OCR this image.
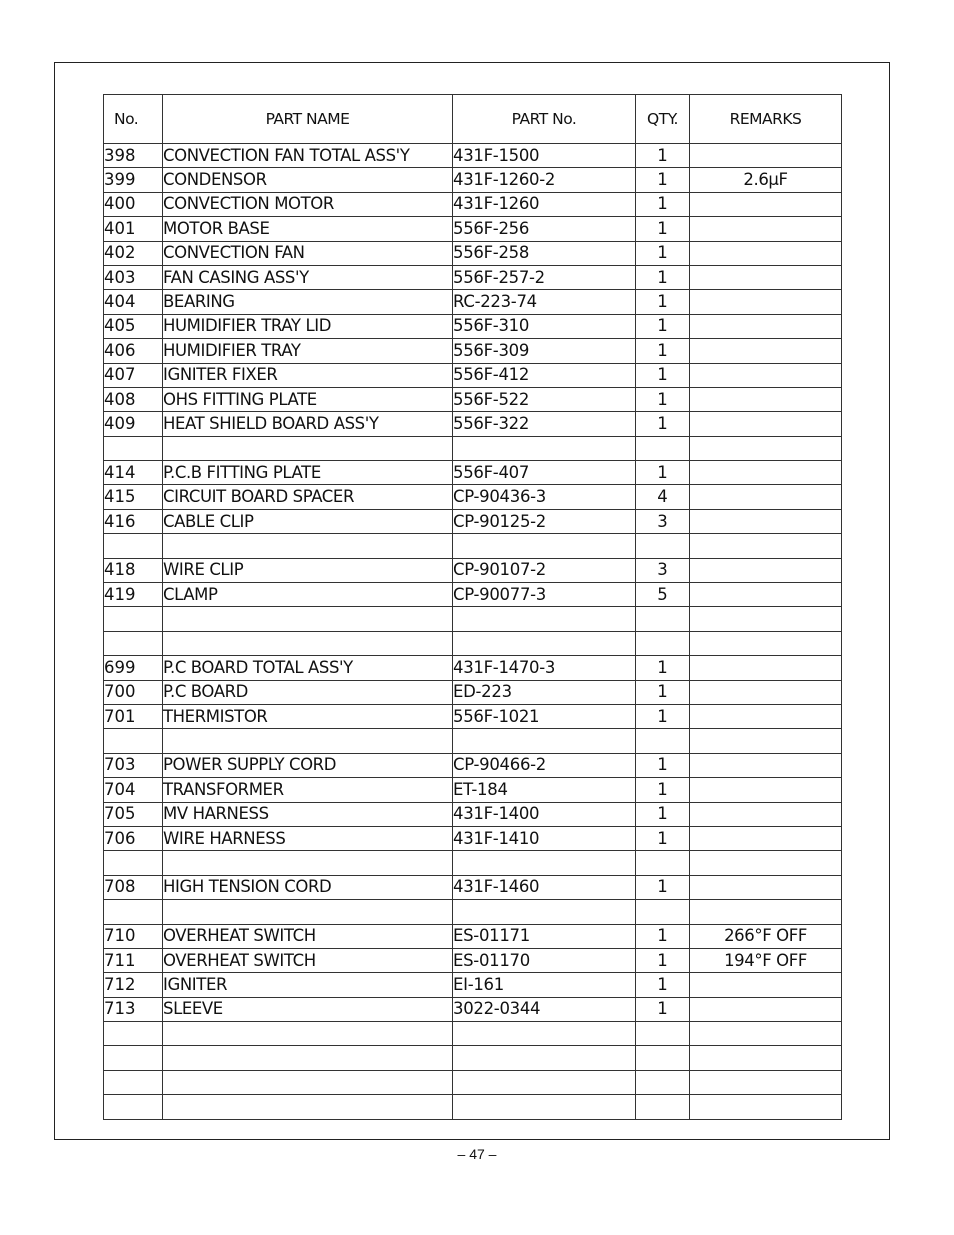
No.	PART NAME	PART No.	QTY.	REMARKS
398	CONVECTION FAN TOTAL ASS'Y	431F-1500	1	
399	CONDENSOR	431F-1260-2	1	2.6μF
400	CONVECTION MOTOR	431F-1260	1	
401	MOTOR BASE	556F-256	1	
402	CONVECTION FAN	556F-258	1	
403	FAN CASING ASS'Y	556F-257-2	1	
404	BEARING	RC-223-74	1	
405	HUMIDIFIER TRAY LID	556F-310	1	
406	HUMIDIFIER TRAY	556F-309	1	
407	IGNITER FIXER	556F-412	1	
408	OHS FITTING PLATE	556F-522	1	
409	HEAT SHIELD BOARD ASS'Y	556F-322	1	

414	P.C.B FITTING PLATE	556F-407	1	
415	CIRCUIT BOARD SPACER	CP-90436-3	4	
416	CABLE CLIP	CP-90125-2	3	

418	WIRE CLIP	CP-90107-2	3	
419	CLAMP	CP-90077-3	5	

699	P.C BOARD TOTAL ASS'Y	431F-1470-3	1	
700	P.C BOARD	ED-223	1	
701	THERMISTOR	556F-1021	1	

703	POWER SUPPLY CORD	CP-90466-2	1	
704	TRANSFORMER	ET-184	1	
705	MV HARNESS	431F-1400	1	
706	WIRE HARNESS	431F-1410	1	

708	HIGH TENSION CORD	431F-1460	1	

710	OVERHEAT SWITCH	ES-01171	1	266°F OFF
711	OVERHEAT SWITCH	ES-01170	1	194°F OFF
712	IGNITER	EI-161	1	
713	SLEEVE	3022-0344	1	

– 47 –
